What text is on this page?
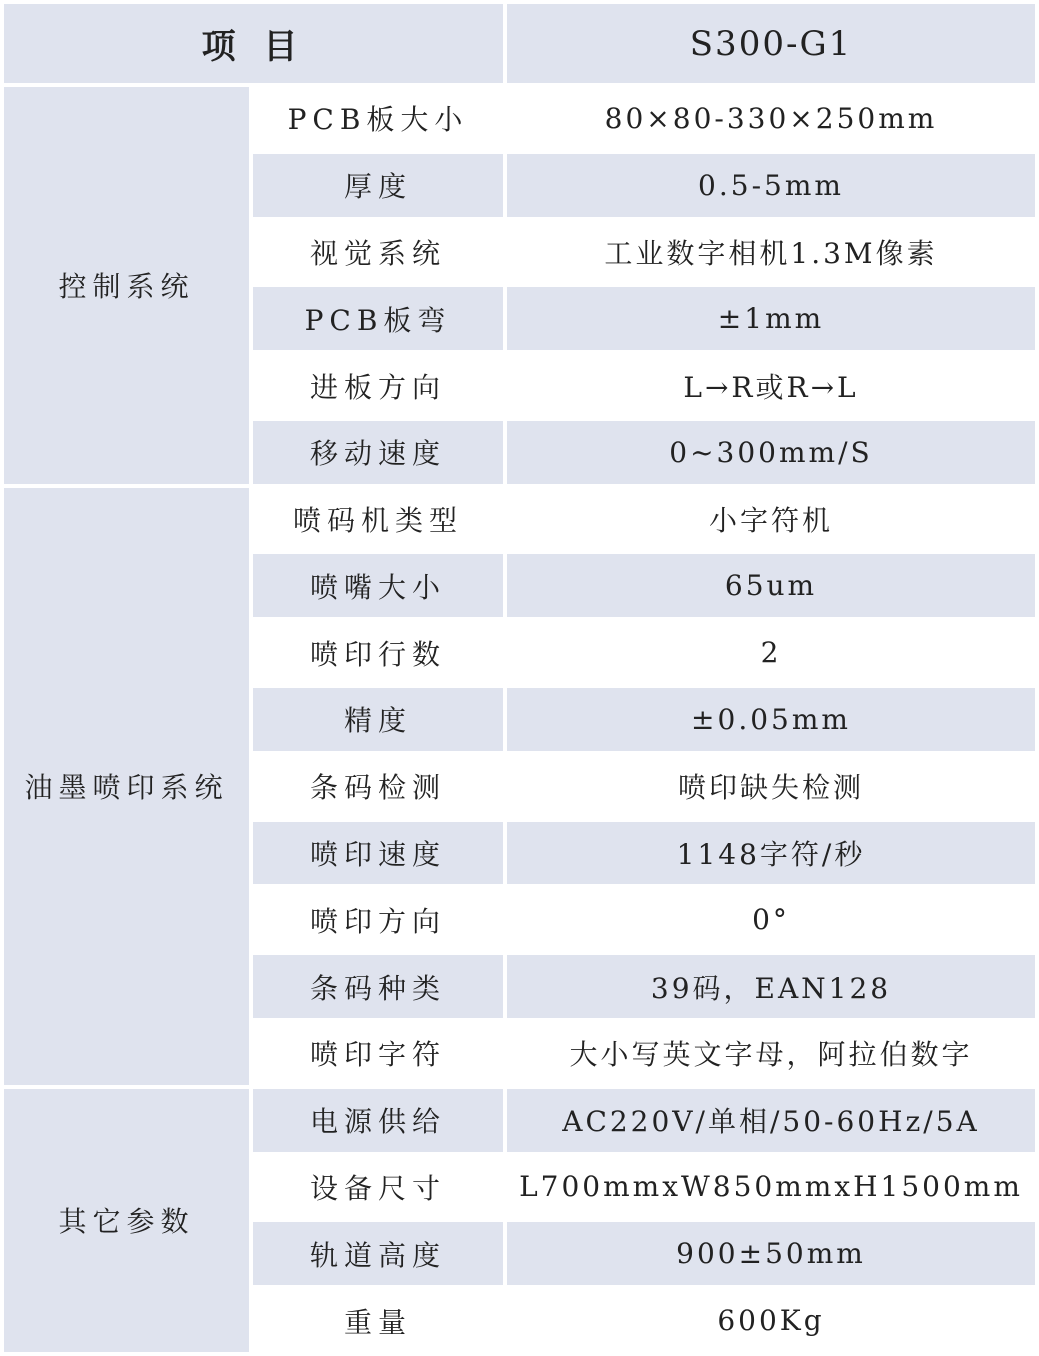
项 目		S300-G1
控制系统	PCB板大小	80×80-330×250mm
	厚度	0.5-5mm
	视觉系统	工业数字相机1.3M像素
	PCB板弯	±1mm
	进板方向	L→R或R→L
	移动速度	0~300mm/S
油墨喷印系统	喷码机类型	小字符机
	喷嘴大小	65um
	喷印行数	2
	精度	±0.05mm
	条码检测	喷印缺失检测
	喷印速度	1148字符/秒
	喷印方向	0°
	条码种类	39码，EAN128
	喷印字符	大小写英文字母，阿拉伯数字
其它参数	电源供给	AC220V/单相/50-60Hz/5A
	设备尺寸	L700mmxW850mmxH1500mm
	轨道高度	900±50mm
	重量	600Kg
